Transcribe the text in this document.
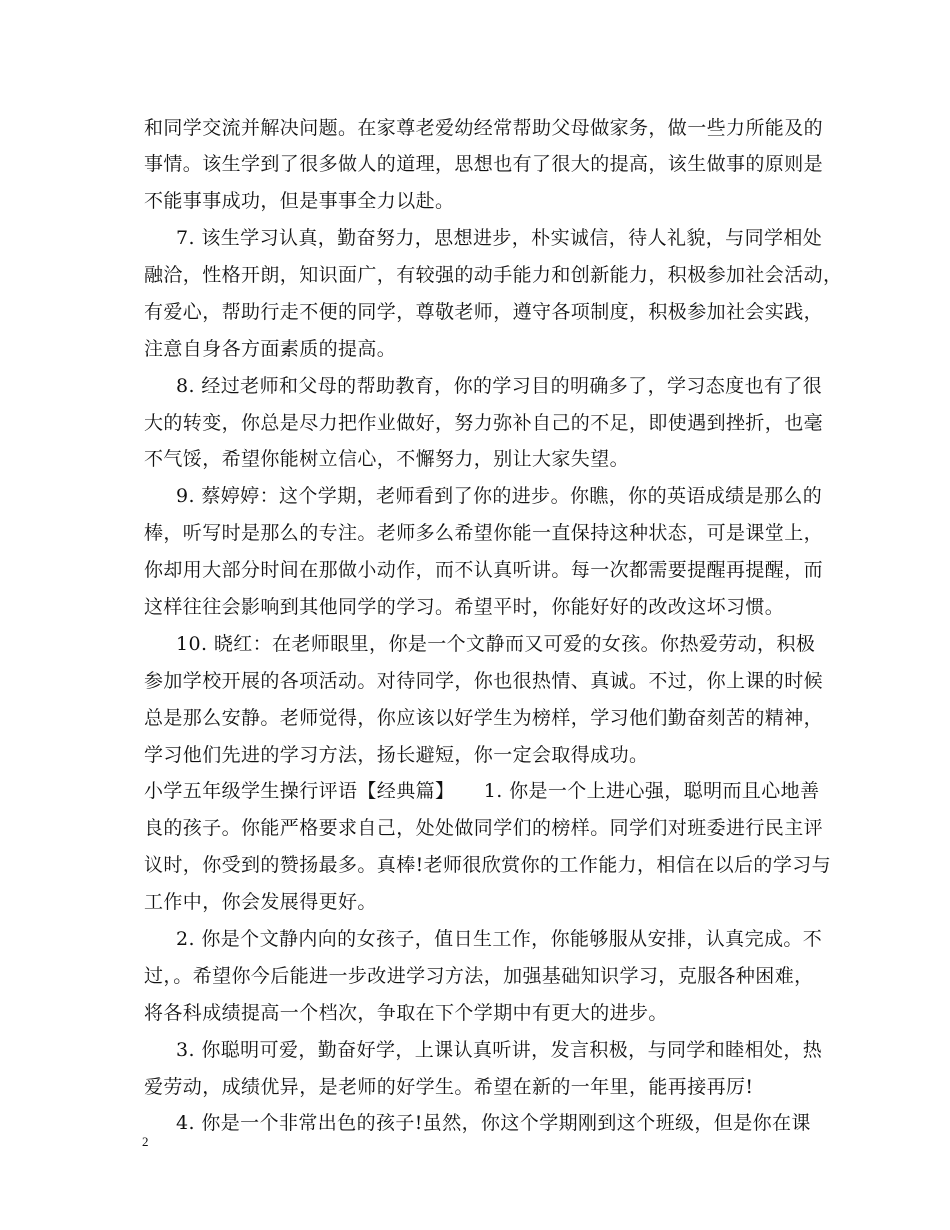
和同学交流并解决问题。在家尊老爱幼经常帮助父母做家务，做一些力所能及的
事情。该生学到了很多做人的道理，思想也有了很大的提高，该生做事的原则是
不能事事成功，但是事事全力以赴。
7. 该生学习认真，勤奋努力，思想进步，朴实诚信，待人礼貌，与同学相处
融洽，性格开朗，知识面广，有较强的动手能力和创新能力，积极参加社会活动，
有爱心，帮助行走不便的同学，尊敬老师，遵守各项制度，积极参加社会实践，
注意自身各方面素质的提高。
8. 经过老师和父母的帮助教育，你的学习目的明确多了，学习态度也有了很
大的转变，你总是尽力把作业做好，努力弥补自己的不足，即使遇到挫折，也毫
不气馁，希望你能树立信心，不懈努力，别让大家失望。
9. 蔡婷婷：这个学期，老师看到了你的进步。你瞧，你的英语成绩是那么的
棒，听写时是那么的专注。老师多么希望你能一直保持这种状态，可是课堂上，
你却用大部分时间在那做小动作，而不认真听讲。每一次都需要提醒再提醒，而
这样往往会影响到其他同学的学习。希望平时，你能好好的改改这坏习惯。
10. 晓红：在老师眼里，你是一个文静而又可爱的女孩。你热爱劳动，积极
参加学校开展的各项活动。对待同学，你也很热情、真诚。不过，你上课的时候
总是那么安静。老师觉得，你应该以好学生为榜样，学习他们勤奋刻苦的精神，
学习他们先进的学习方法，扬长避短，你一定会取得成功。
小学五年级学生操行评语【经典篇】　　1. 你是一个上进心强，聪明而且心地善
良的孩子。你能严格要求自己，处处做同学们的榜样。同学们对班委进行民主评
议时，你受到的赞扬最多。真棒!老师很欣赏你的工作能力，相信在以后的学习与
工作中，你会发展得更好。
2. 你是个文静内向的女孩子，值日生工作，你能够服从安排，认真完成。不
过，。希望你今后能进一步改进学习方法，加强基础知识学习，克服各种困难，
将各科成绩提高一个档次，争取在下个学期中有更大的进步。
3. 你聪明可爱，勤奋好学，上课认真听讲，发言积极，与同学和睦相处，热
爱劳动，成绩优异，是老师的好学生。希望在新的一年里，能再接再厉!
4. 你是一个非常出色的孩子!虽然，你这个学期刚到这个班级，但是你在课
2
